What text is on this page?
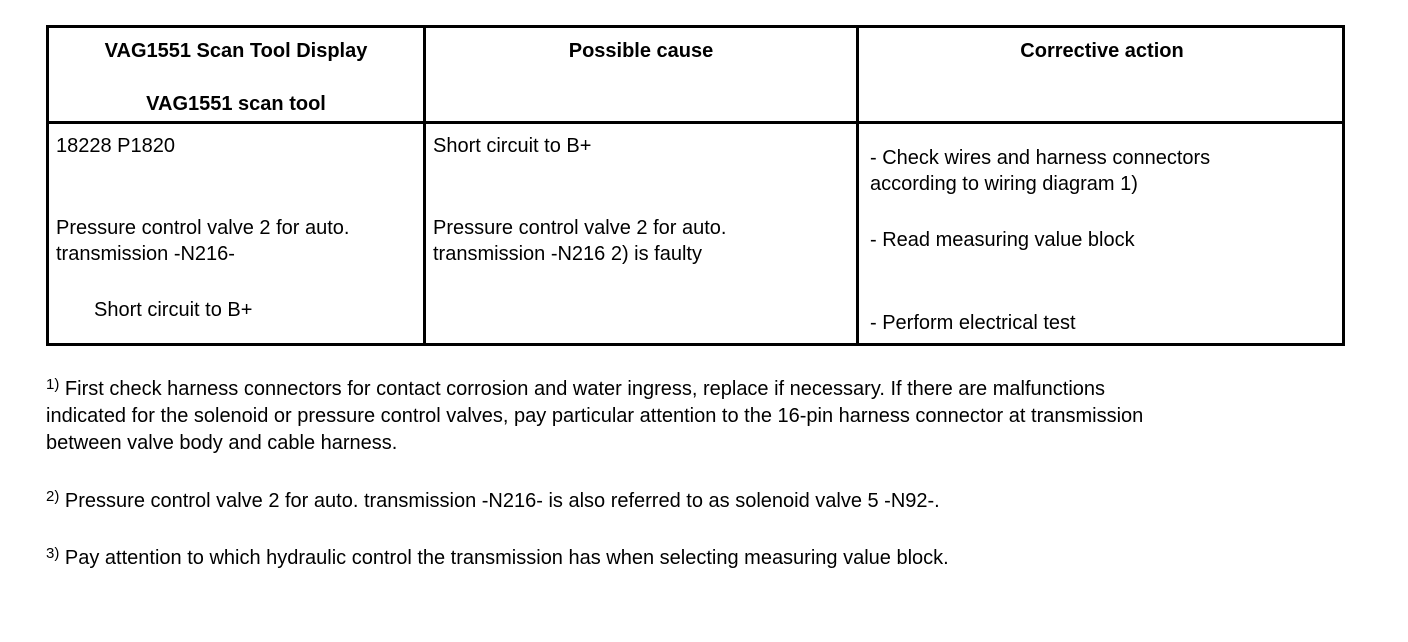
VAG1551 Scan Tool Display
VAG1551 scan tool
Possible cause	Corrective action
18228 P1820
Pressure control valve 2 for auto.
transmission -N216-
Short circuit to B+
Short circuit to B+
Pressure control valve 2 for auto.
transmission -N216 2) is faulty
- Check wires and harness connectors
according to wiring diagram 1)
- Read measuring value block
- Perform electrical test
$^{1)}$ First check harness connectors for contact corrosion and water ingress, replace if necessary. If there are malfunctions
indicated for the solenoid or pressure control valves, pay particular attention to the 16-pin harness connector at transmission
between valve body and cable harness.
$^{2)}$ Pressure control valve 2 for auto. transmission -N216- is also referred to as solenoid valve 5 -N92-.
$^{3)}$ Pay attention to which hydraulic control the transmission has when selecting measuring value block.
